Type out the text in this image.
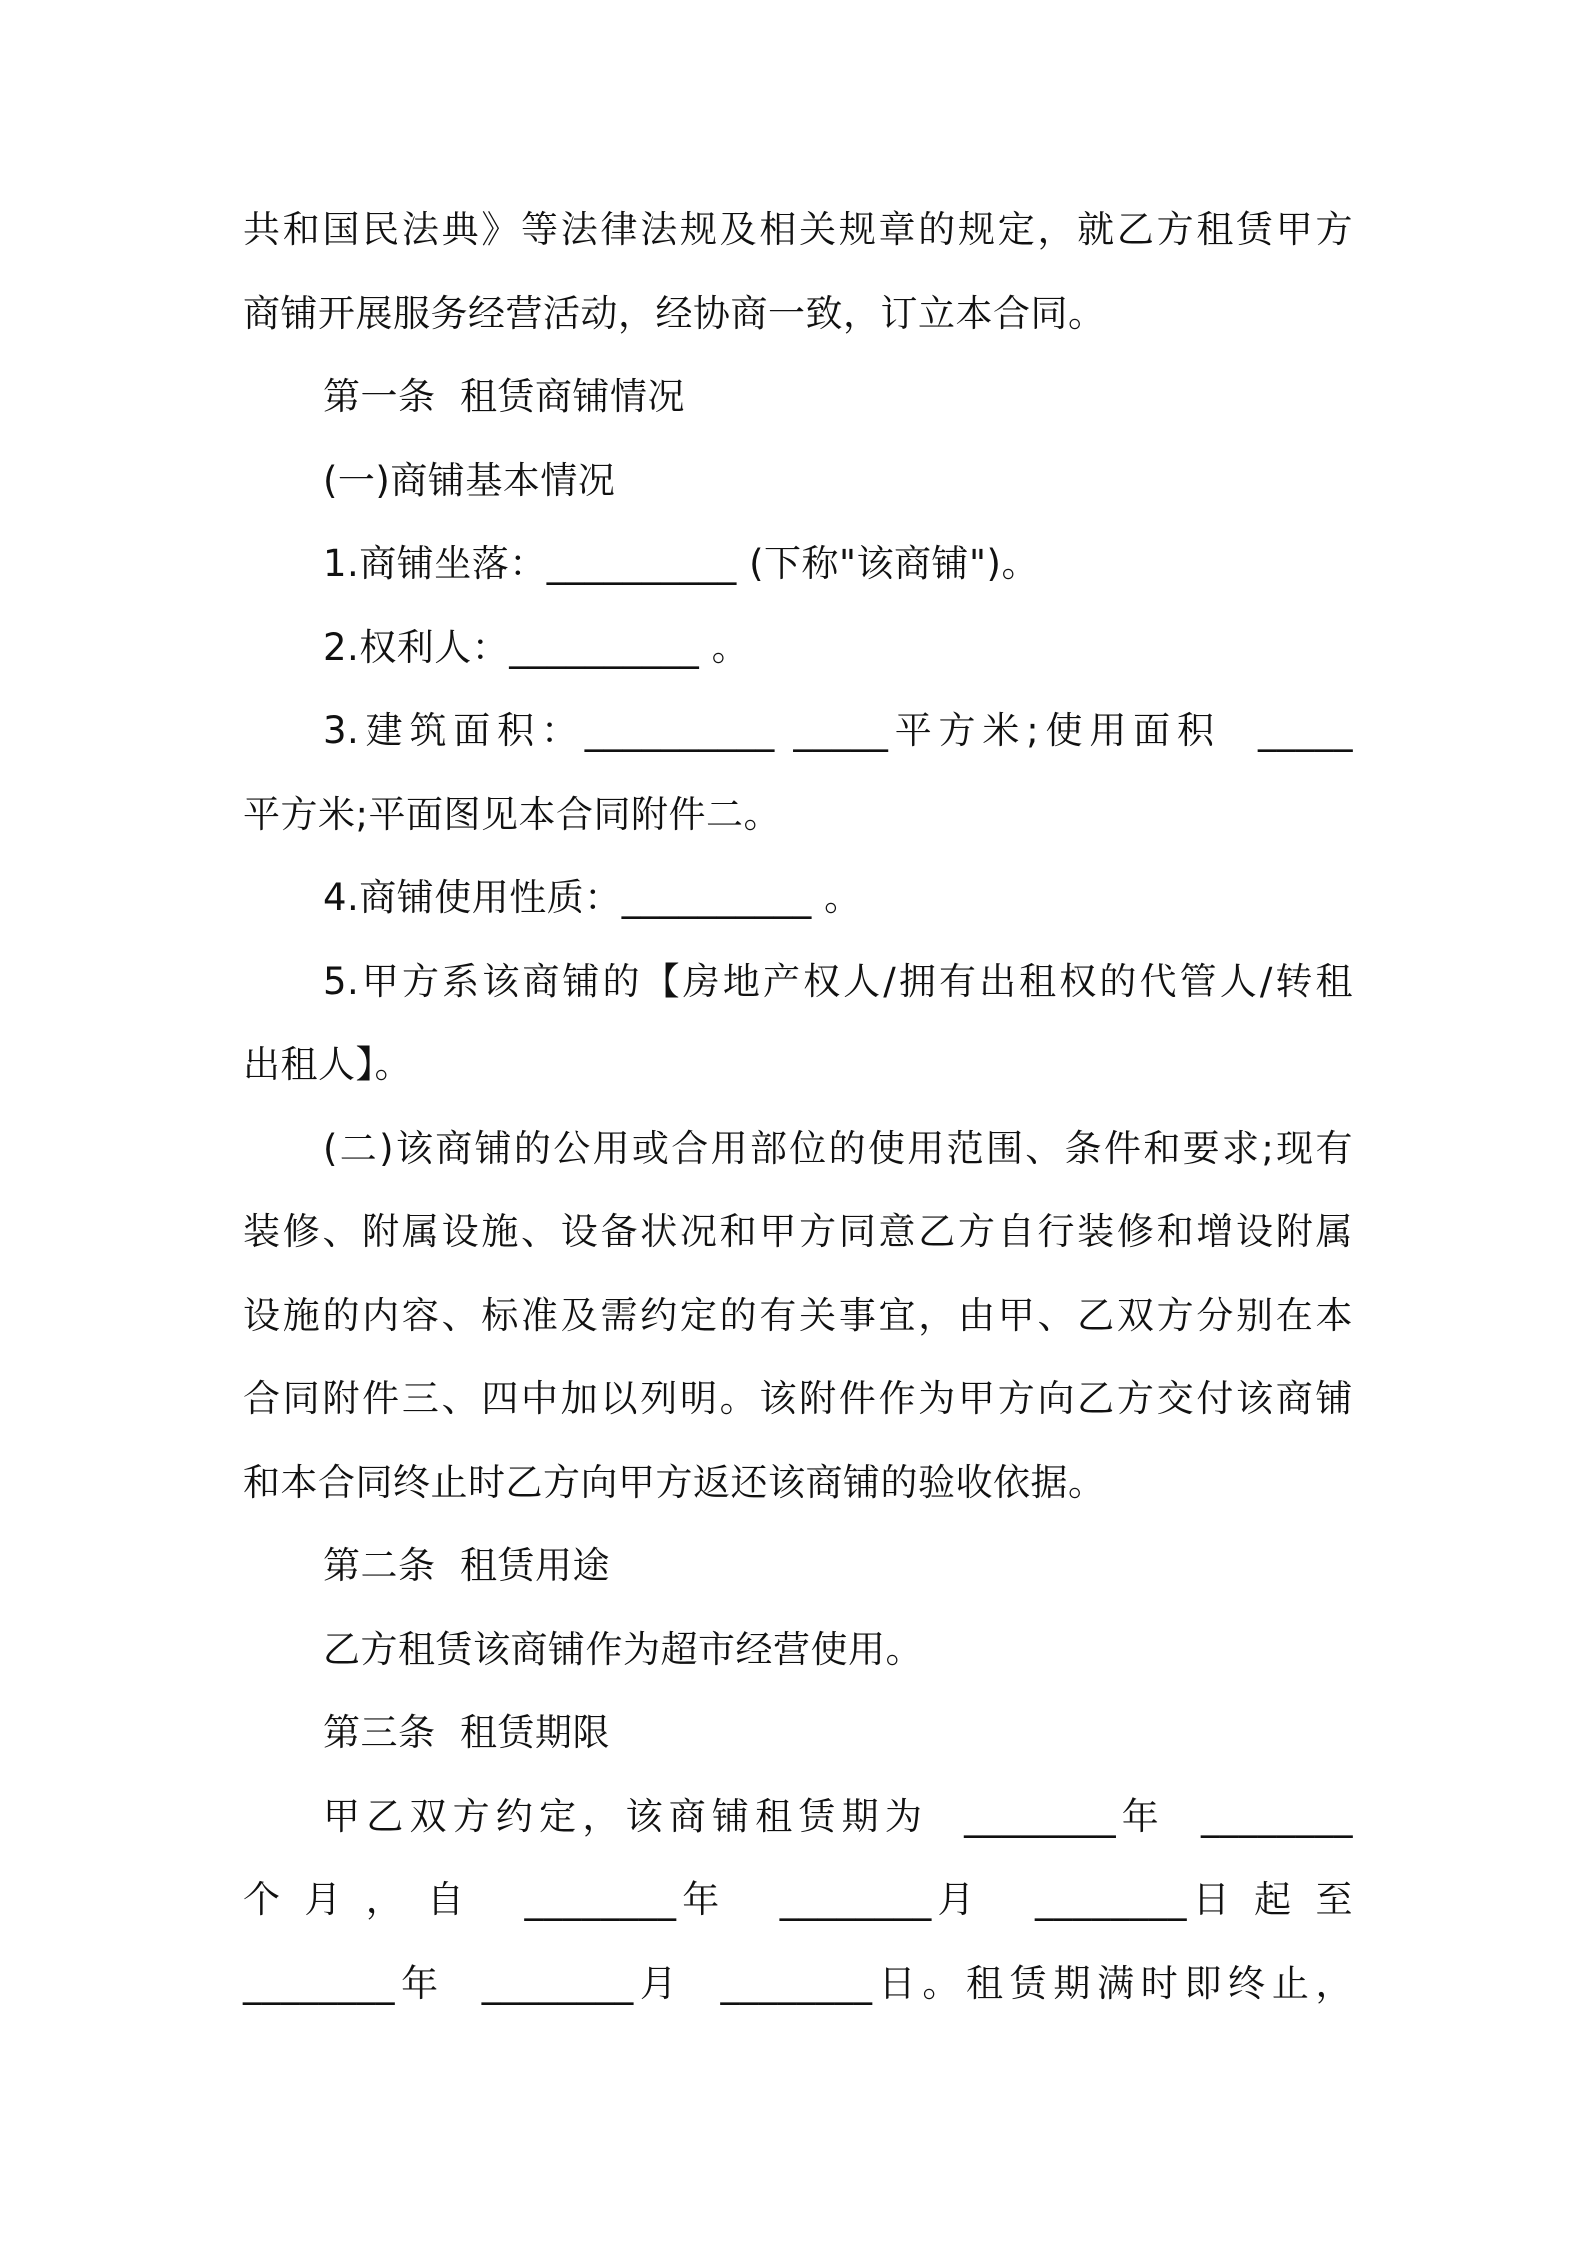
共和国民法典》等法律法规及相关规章的规定，就乙方租赁甲方

商铺开展服务经营活动，经协商一致，订立本合同。

第一条  租赁商铺情况

(一)商铺基本情况

1.商铺坐落：__________ (下称"该商铺")。

2.权利人：__________ 。

3.建筑面积：__________ _____平方米;使用面积  _____

平方米;平面图见本合同附件二。

4.商铺使用性质：__________ 。

5.甲方系该商铺的【房地产权人/拥有出租权的代管人/转租

出租人】。

(二)该商铺的公用或合用部位的使用范围、条件和要求;现有

装修、附属设施、设备状况和甲方同意乙方自行装修和增设附属

设施的内容、标准及需约定的有关事宜，由甲、乙双方分别在本

合同附件三、四中加以列明。该附件作为甲方向乙方交付该商铺

和本合同终止时乙方向甲方返还该商铺的验收依据。

第二条  租赁用途

乙方租赁该商铺作为超市经营使用。

第三条  租赁期限

甲乙双方约定，该商铺租赁期为  ________年  ________

个 月 ， 自   ________年   ________月   ________日 起 至

________年  ________月  ________日。租赁期满时即终止，
